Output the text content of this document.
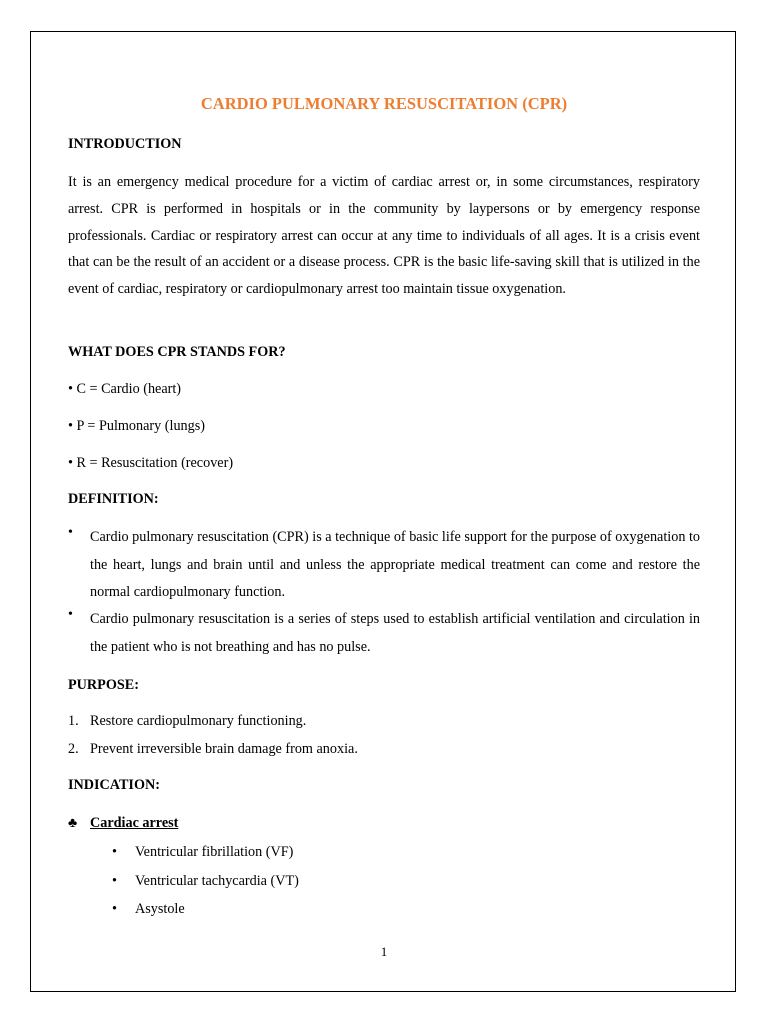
CARDIO PULMONARY RESUSCITATION (CPR)
INTRODUCTION

It is an emergency medical procedure for a victim of cardiac arrest or, in some circumstances, respiratory arrest. CPR is performed in hospitals or in the community by laypersons or by emergency response professionals. Cardiac or respiratory arrest can occur at any time to individuals of all ages. It is a crisis event that can be the result of an accident or a disease process. CPR is the basic life-saving skill that is utilized in the event of cardiac, respiratory or cardiopulmonary arrest too maintain tissue oxygenation.

WHAT DOES CPR STANDS FOR?

• C = Cardio (heart)

• P = Pulmonary (lungs)

• R = Resuscitation (recover)

DEFINITION:
• Cardio pulmonary resuscitation (CPR) is a technique of basic life support for the purpose of oxygenation to the heart, lungs and brain until and unless the appropriate medical treatment can come and restore the normal cardiopulmonary function.
• Cardio pulmonary resuscitation is a series of steps used to establish artificial ventilation and circulation in the patient who is not breathing and has no pulse.
PURPOSE:

1. Restore cardiopulmonary functioning.

2. Prevent irreversible brain damage from anoxia.

INDICATION:

♣ Cardiac arrest

• Ventricular fibrillation (VF)

• Ventricular tachycardia (VT)

• Asystole

1
